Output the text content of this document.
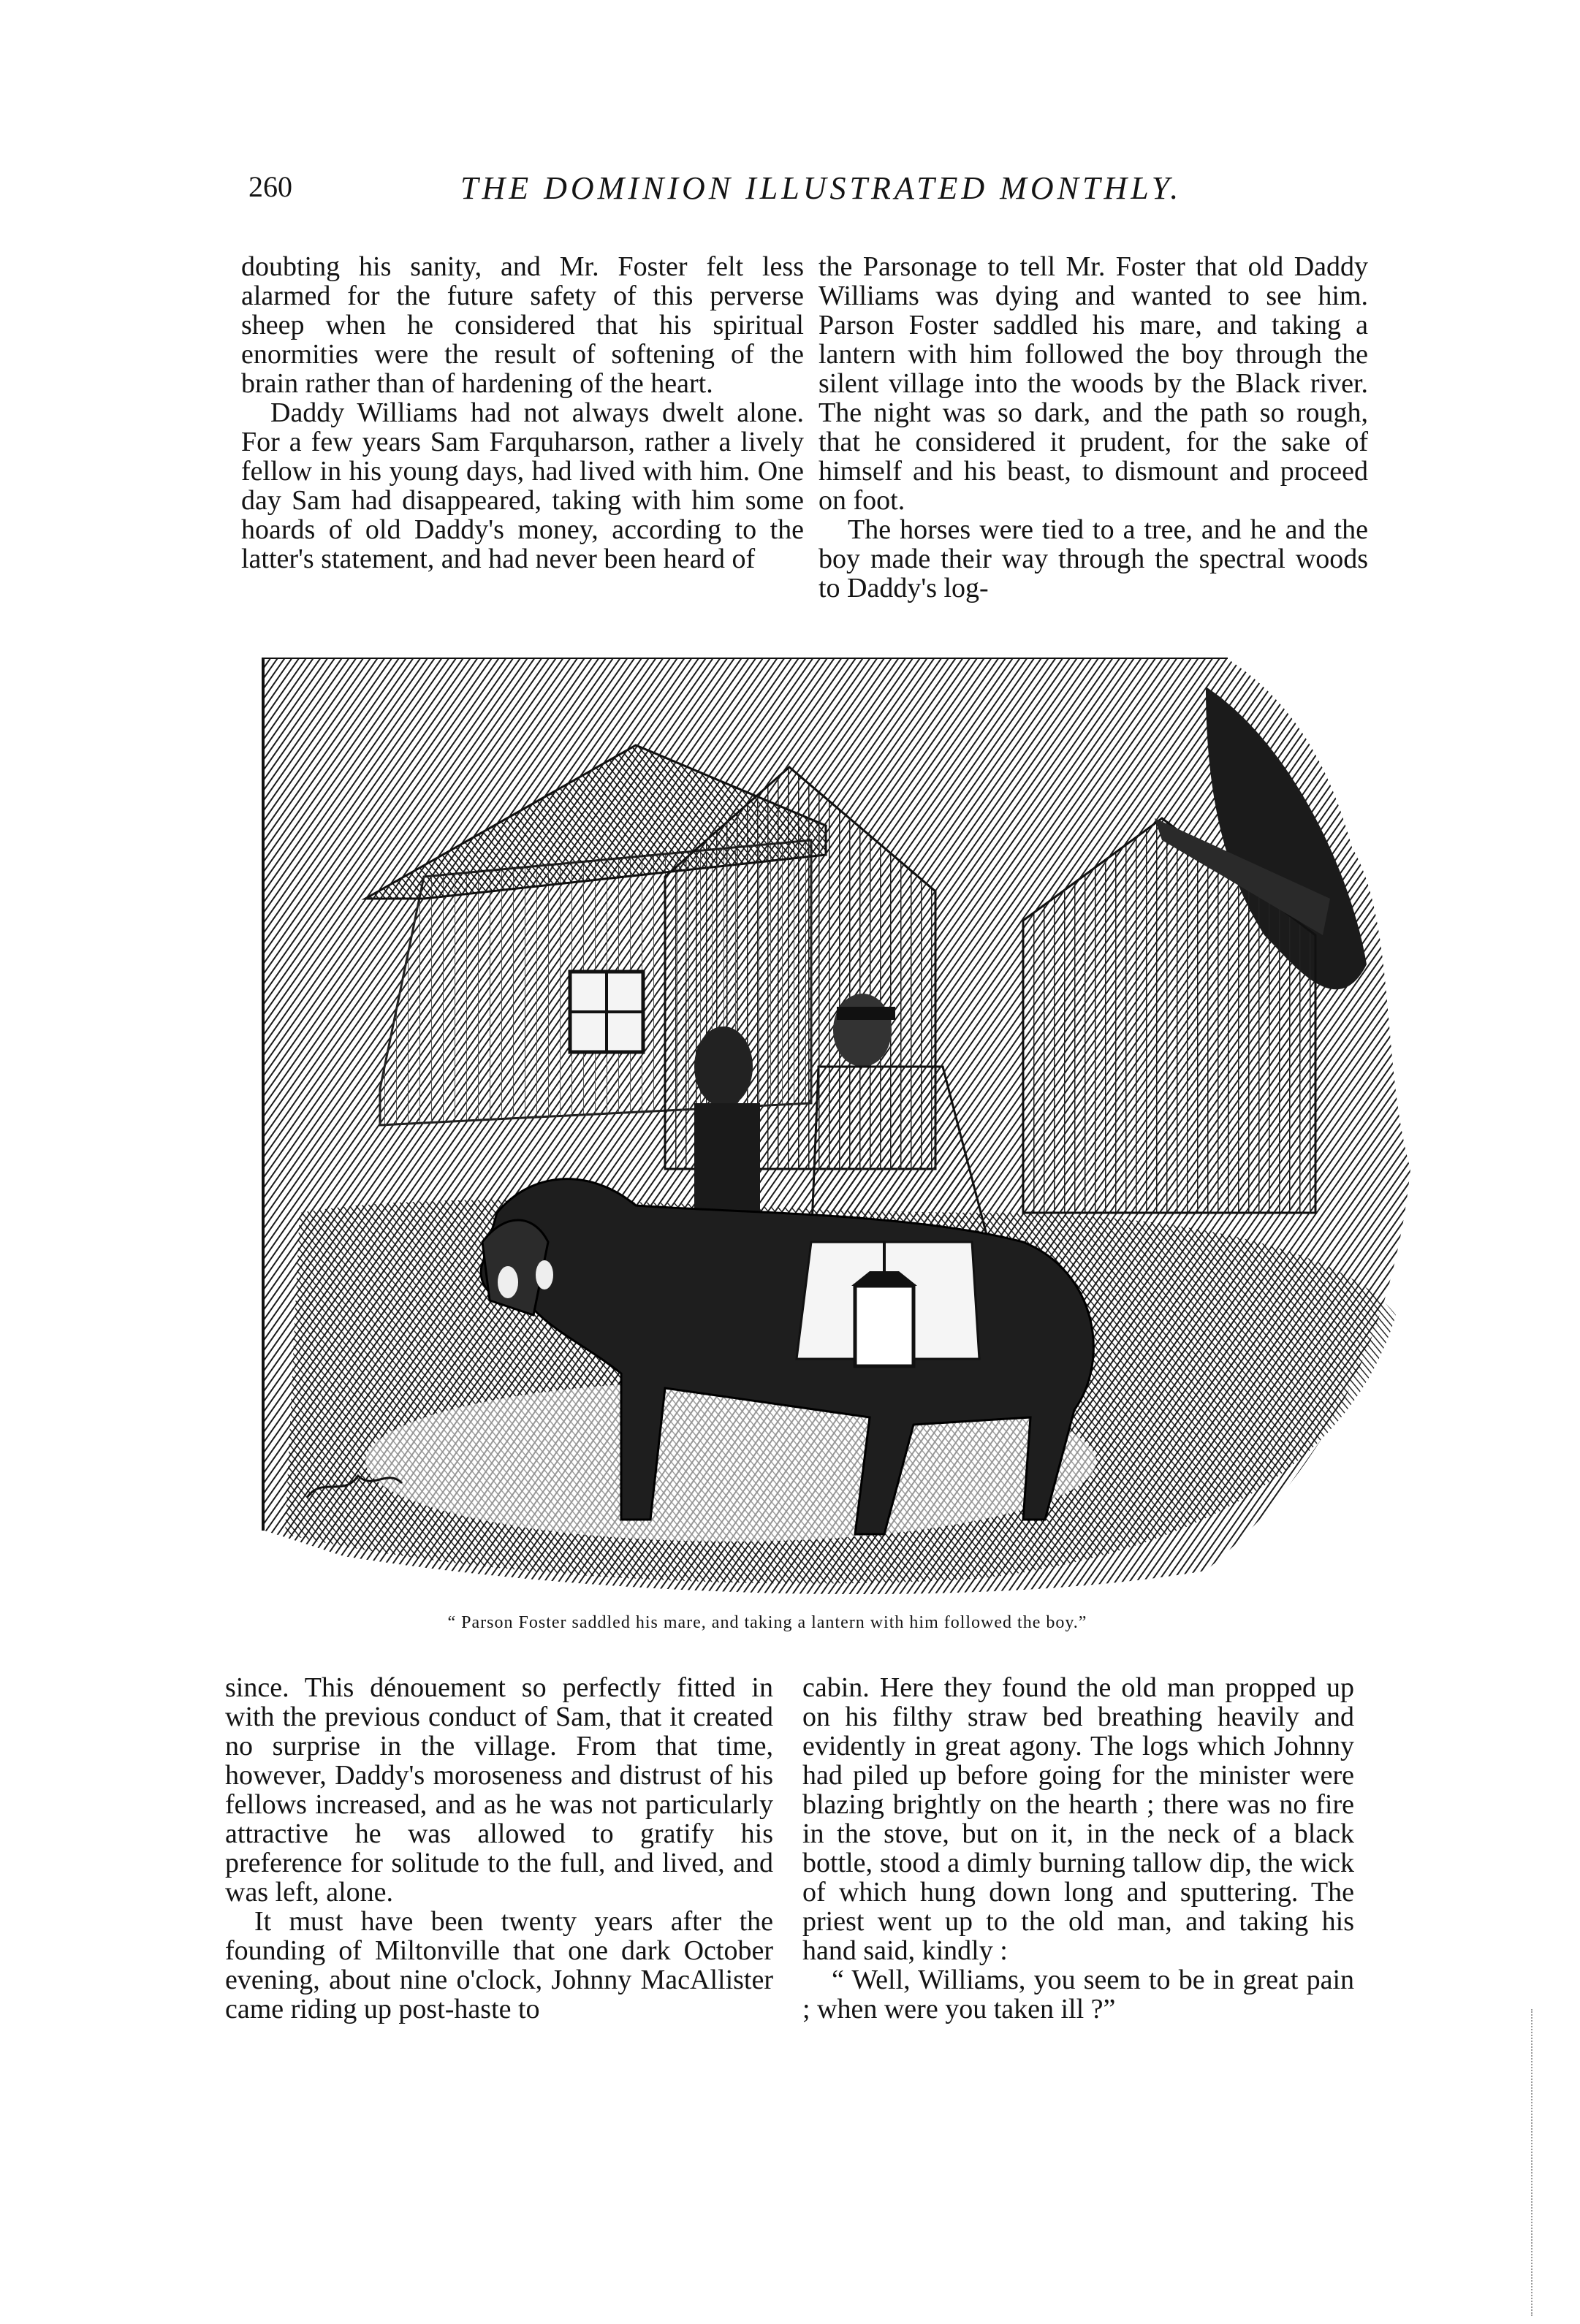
260	THE DOMINION ILLUSTRATED MONTHLY.

doubting his sanity, and Mr. Foster felt less alarmed for the future safety of this perverse sheep when he considered that his spiritual enormities were the result of softening of the brain rather than of hardening of the heart.

Daddy Williams had not always dwelt alone. For a few years Sam Farquharson, rather a lively fellow in his young days, had lived with him. One day Sam had disappeared, taking with him some hoards of old Daddy's money, according to the latter's statement, and had never been heard of

the Parsonage to tell Mr. Foster that old Daddy Williams was dying and wanted to see him. Parson Foster saddled his mare, and taking a lantern with him followed the boy through the silent village into the woods by the Black river. The night was so dark, and the path so rough, that he considered it prudent, for the sake of himself and his beast, to dismount and proceed on foot.

The horses were tied to a tree, and he and the boy made their way through the spectral woods to Daddy's log-

“ Parson Foster saddled his mare, and taking a lantern with him followed the boy.”

since. This dénouement so perfectly fitted in with the previous conduct of Sam, that it created no surprise in the village. From that time, however, Daddy's moroseness and distrust of his fellows increased, and as he was not particularly attractive he was allowed to gratify his preference for solitude to the full, and lived, and was left, alone.

It must have been twenty years after the founding of Miltonville that one dark October evening, about nine o'clock, Johnny MacAllister came riding up post-haste to

cabin. Here they found the old man propped up on his filthy straw bed breathing heavily and evidently in great agony. The logs which Johnny had piled up before going for the minister were blazing brightly on the hearth ; there was no fire in the stove, but on it, in the neck of a black bottle, stood a dimly burning tallow dip, the wick of which hung down long and sputtering. The priest went up to the old man, and taking his hand said, kindly :

“ Well, Williams, you seem to be in great pain ; when were you taken ill ?”
